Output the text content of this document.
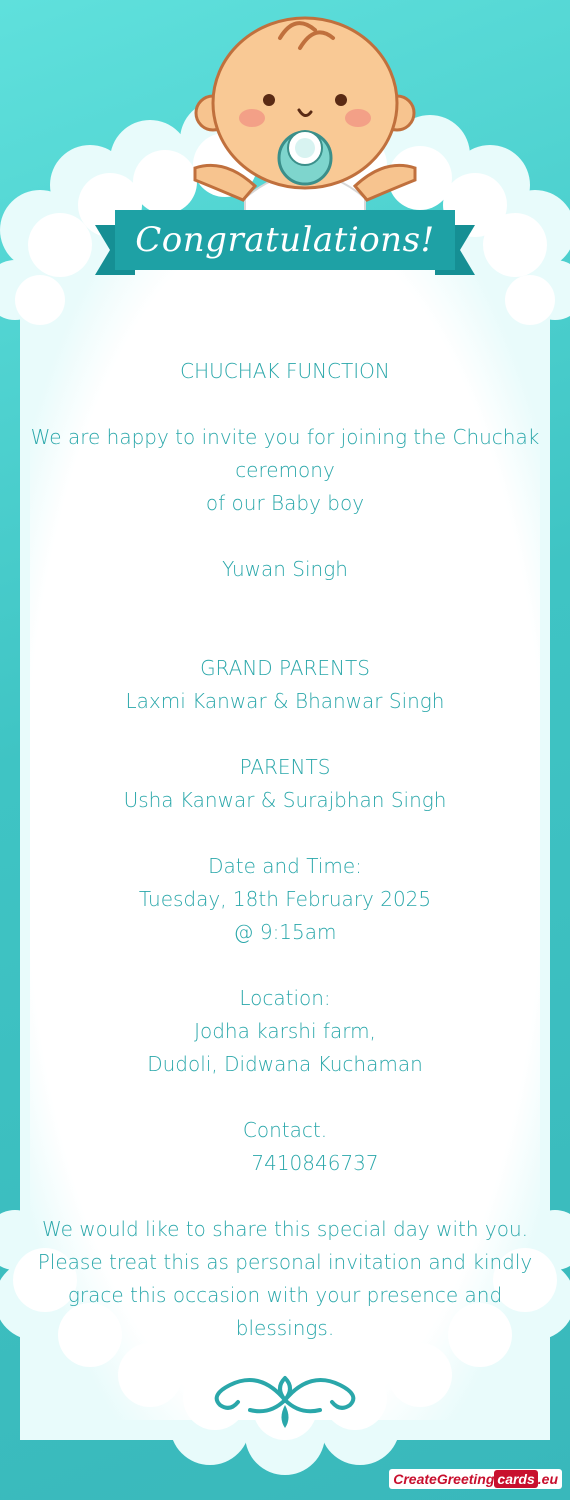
Congratulations!
CHUCHAK FUNCTION
We are happy to invite you for joining the Chuchak
ceremony
of our Baby boy
Yuwan Singh
GRAND PARENTS
Laxmi Kanwar & Bhanwar Singh
PARENTS
Usha Kanwar & Surajbhan Singh
Date and Time:
Tuesday, 18th February 2025
@ 9:15am
Location:
Jodha karshi farm,
Dudoli, Didwana Kuchaman
Contact.
7410846737
We would like to share this special day with you.
Please treat this as personal invitation and kindly
grace this occasion with your presence and
blessings.
CreateGreeting cards .eu
